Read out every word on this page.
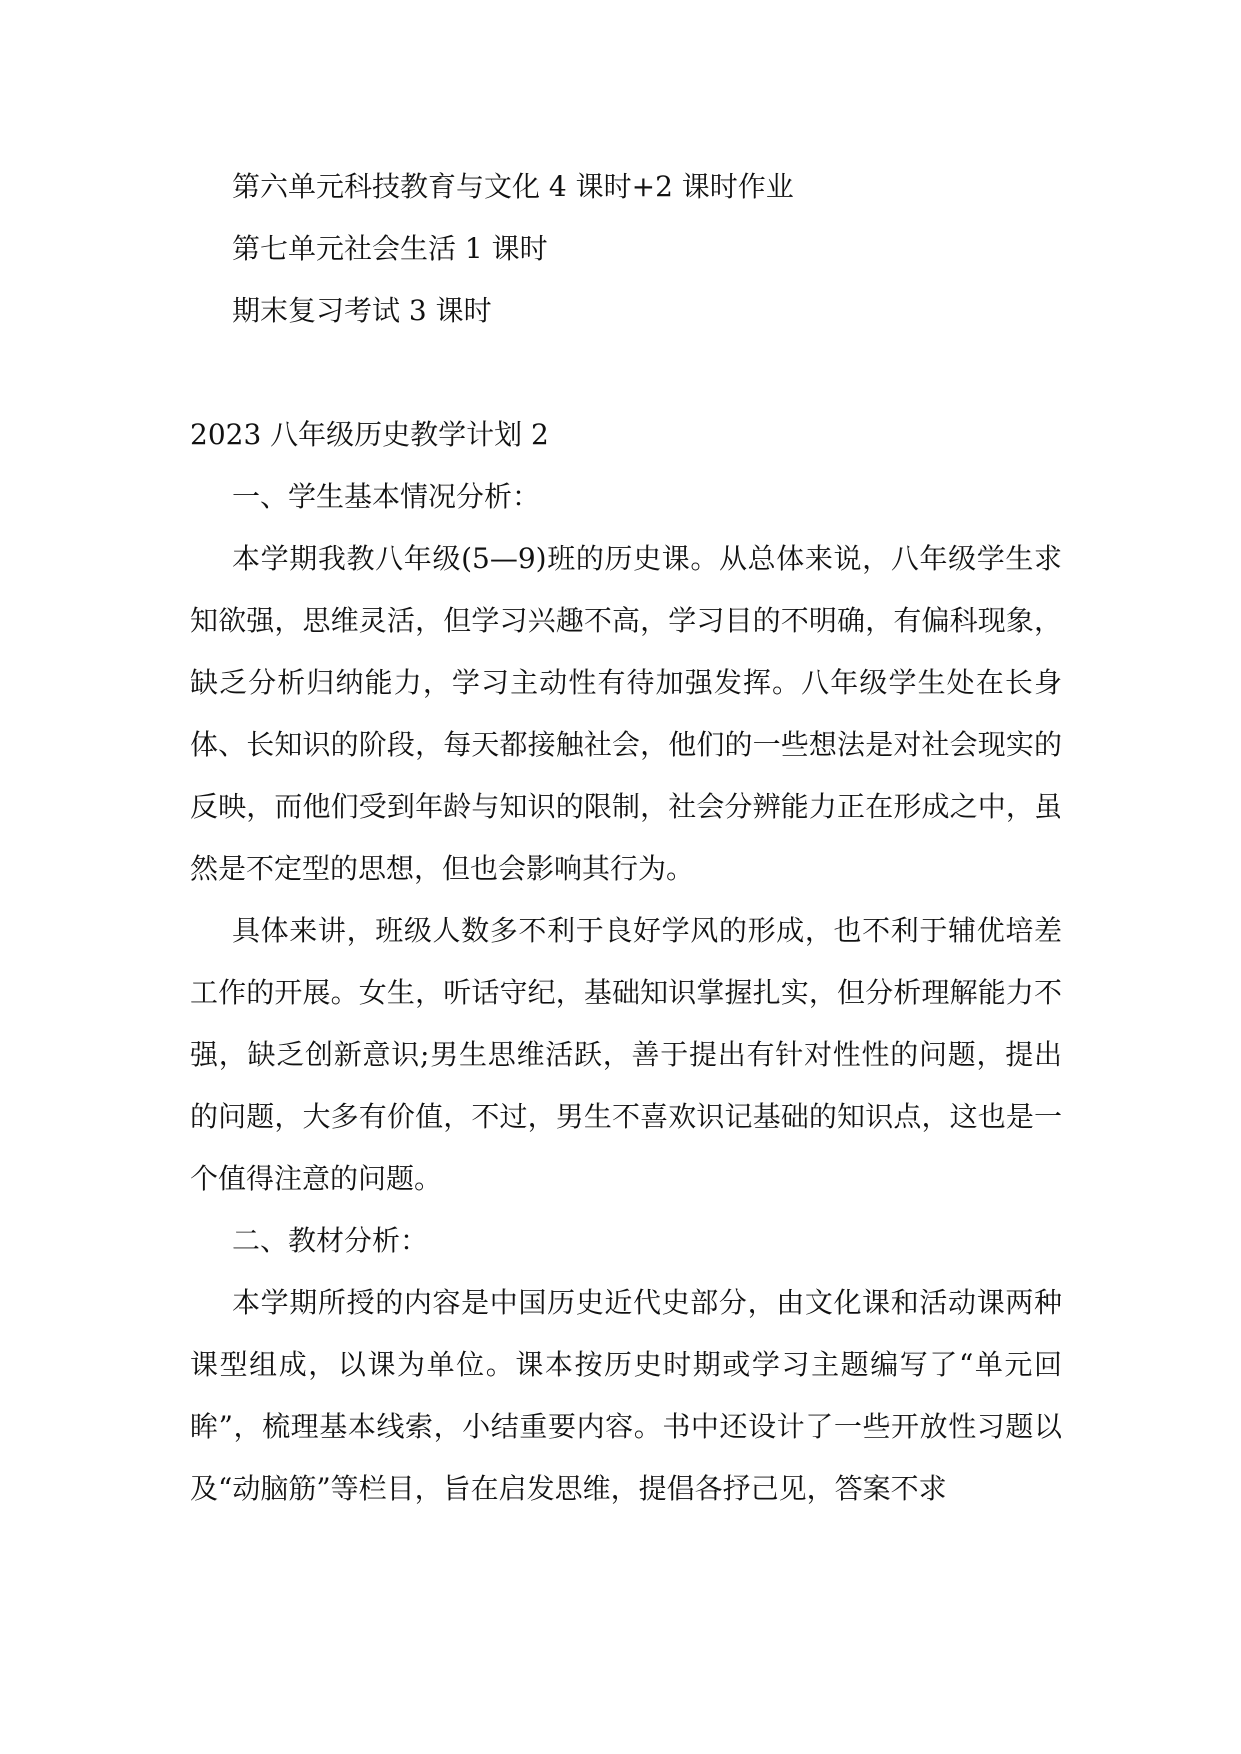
第六单元科技教育与文化 4 课时+2 课时作业

第七单元社会生活 1 课时

期末复习考试 3 课时

2023 八年级历史教学计划 2

一、学生基本情况分析：

本学期我教八年级(5—9)班的历史课。从总体来说，八年级学生求知欲强，思维灵活，但学习兴趣不高，学习目的不明确，有偏科现象，缺乏分析归纳能力，学习主动性有待加强发挥。八年级学生处在长身体、长知识的阶段，每天都接触社会，他们的一些想法是对社会现实的反映，而他们受到年龄与知识的限制，社会分辨能力正在形成之中，虽然是不定型的思想，但也会影响其行为。

具体来讲，班级人数多不利于良好学风的形成，也不利于辅优培差工作的开展。女生，听话守纪，基础知识掌握扎实，但分析理解能力不强，缺乏创新意识;男生思维活跃，善于提出有针对性性的问题，提出的问题，大多有价值，不过，男生不喜欢识记基础的知识点，这也是一个值得注意的问题。

二、教材分析：

本学期所授的内容是中国历史近代史部分，由文化课和活动课两种课型组成，以课为单位。课本按历史时期或学习主题编写了“单元回眸”，梳理基本线索，小结重要内容。书中还设计了一些开放性习题以及“动脑筋”等栏目，旨在启发思维，提倡各抒己见，答案不求
